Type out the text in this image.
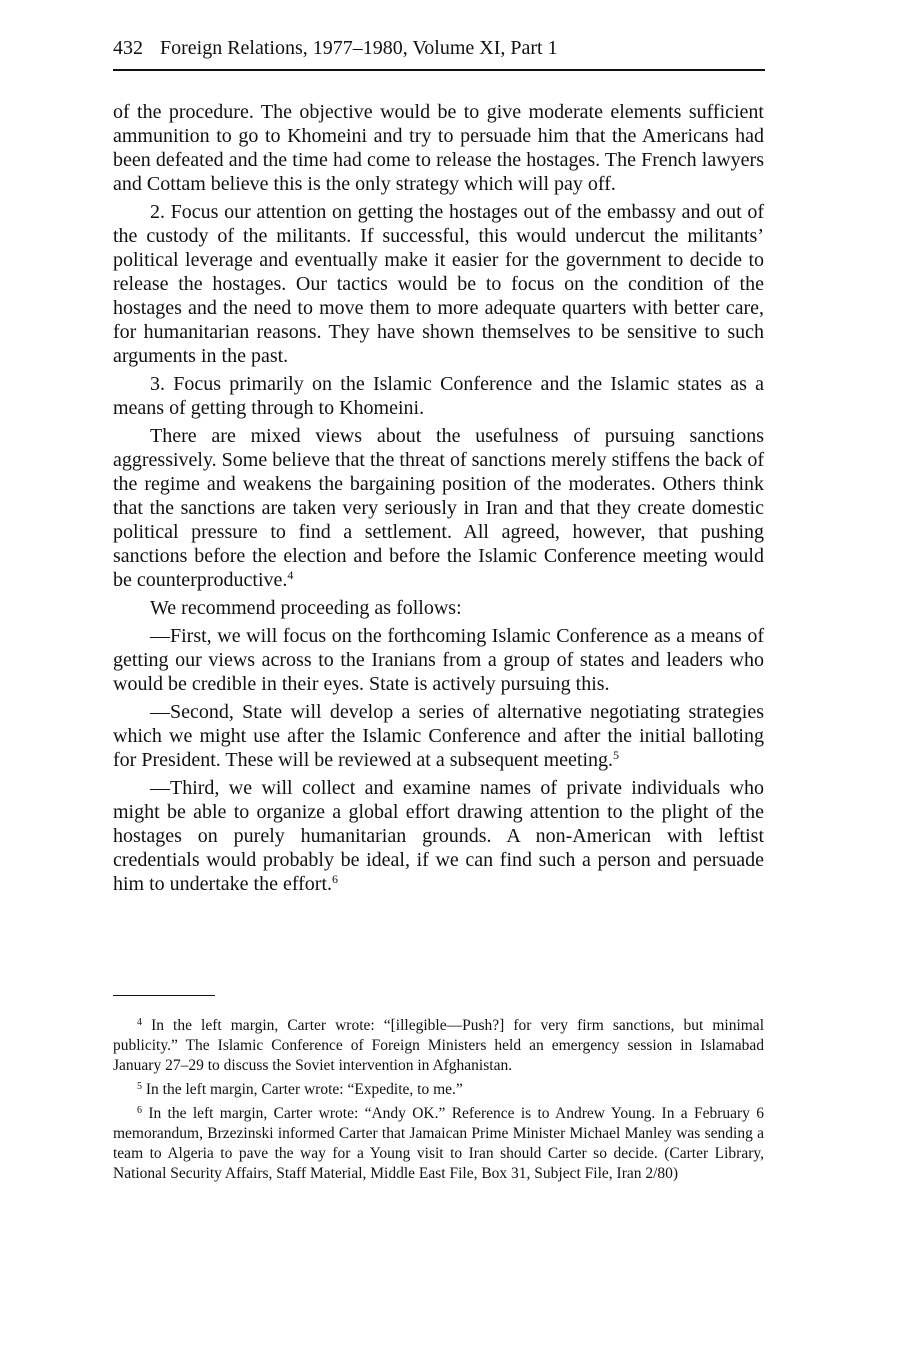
432 Foreign Relations, 1977–1980, Volume XI, Part 1

of the procedure. The objective would be to give moderate elements sufficient ammunition to go to Khomeini and try to persuade him that the Americans had been defeated and the time had come to release the hostages. The French lawyers and Cottam believe this is the only strategy which will pay off.

2. Focus our attention on getting the hostages out of the embassy and out of the custody of the militants. If successful, this would undercut the militants’ political leverage and eventually make it easier for the government to decide to release the hostages. Our tactics would be to focus on the condition of the hostages and the need to move them to more adequate quarters with better care, for humanitarian reasons. They have shown themselves to be sensitive to such arguments in the past.

3. Focus primarily on the Islamic Conference and the Islamic states as a means of getting through to Khomeini.

There are mixed views about the usefulness of pursuing sanctions aggressively. Some believe that the threat of sanctions merely stiffens the back of the regime and weakens the bargaining position of the moderates. Others think that the sanctions are taken very seriously in Iran and that they create domestic political pressure to find a settlement. All agreed, however, that pushing sanctions before the election and before the Islamic Conference meeting would be counterproductive.$^4$

We recommend proceeding as follows:

—First, we will focus on the forthcoming Islamic Conference as a means of getting our views across to the Iranians from a group of states and leaders who would be credible in their eyes. State is actively pursuing this.

—Second, State will develop a series of alternative negotiating strategies which we might use after the Islamic Conference and after the initial balloting for President. These will be reviewed at a subsequent meeting.$^5$

—Third, we will collect and examine names of private individuals who might be able to organize a global effort drawing attention to the plight of the hostages on purely humanitarian grounds. A non-American with leftist credentials would probably be ideal, if we can find such a person and persuade him to undertake the effort.$^6$

$^4$ In the left margin, Carter wrote: “[illegible—Push?] for very firm sanctions, but minimal publicity.” The Islamic Conference of Foreign Ministers held an emergency session in Islamabad January 27–29 to discuss the Soviet intervention in Afghanistan.

$^5$ In the left margin, Carter wrote: “Expedite, to me.”

$^6$ In the left margin, Carter wrote: “Andy OK.” Reference is to Andrew Young. In a February 6 memorandum, Brzezinski informed Carter that Jamaican Prime Minister Michael Manley was sending a team to Algeria to pave the way for a Young visit to Iran should Carter so decide. (Carter Library, National Security Affairs, Staff Material, Middle East File, Box 31, Subject File, Iran 2/80)
